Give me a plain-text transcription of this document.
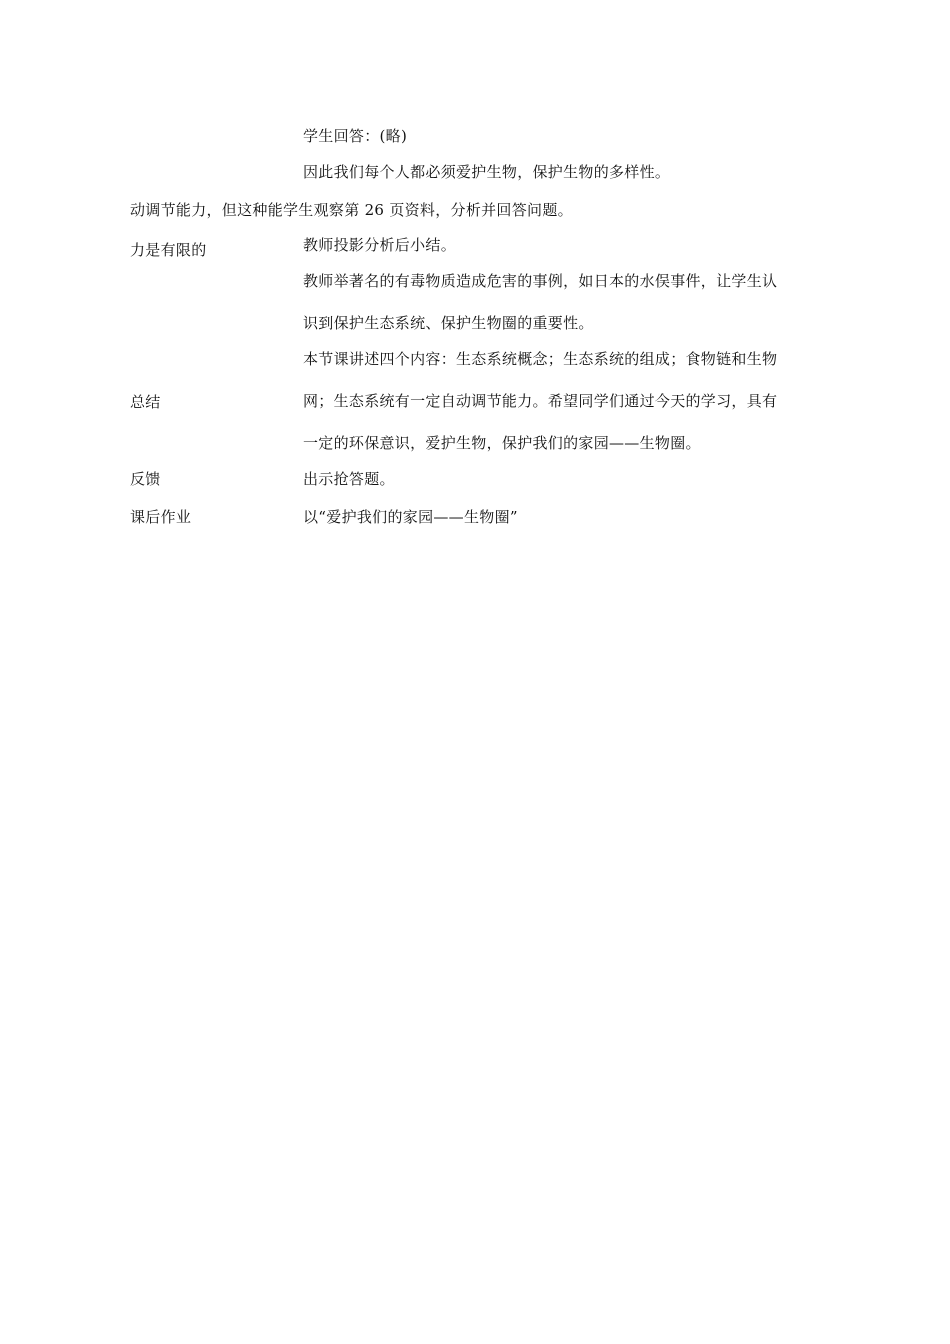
学生回答：(略)
因此我们每个人都必须爱护生物，保护生物的多样性。
动调节能力，但这种能学生观察第 26 页资料，分析并回答问题。
力是有限的	教师投影分析后小结。
教师举著名的有毒物质造成危害的事例，如日本的水俣事件，让学生认
识到保护生态系统、保护生物圈的重要性。
本节课讲述四个内容：生态系统概念；生态系统的组成；食物链和生物
总结	网；生态系统有一定自动调节能力。希望同学们通过今天的学习，具有
一定的环保意识，爱护生物，保护我们的家园——生物圈。
反馈	出示抢答题。
课后作业	以“爱护我们的家园——生物圈”
